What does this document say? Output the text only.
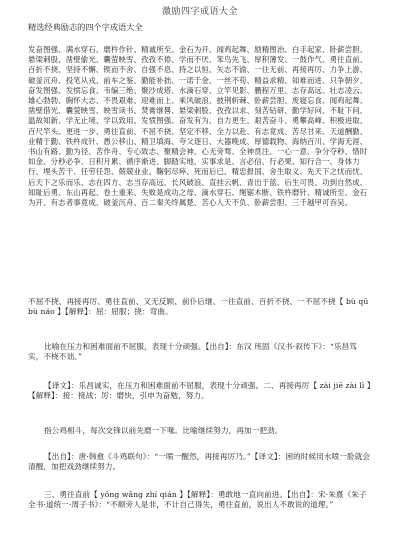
激励四字成语大全
精选经典励志的四个字成语大全
发奋图强、满水穿石、磨杵作针、精诚所至、金石为开、闻鸡起舞、励精图治、白手起家、卧薪尝胆、悬梁刺股、凿壁偷光、囊萤映雪、孜孜不倦、学而不厌、笨鸟先飞、厚积薄发、一鼓作气、勇往直前、百折不挠、坚持不懈、锲而不舍、自强不息、持之以恒、矢志不渝、一往无前、再接再厉、力争上游、破釜沉舟、投笔从戎、前车之鉴、勤能补拙、一诺千金、一丝不苟、精益求精、知难而进、只争朝夕、奋发图强、发愤忘食、韦编三绝、聚沙成塔、水滴石穿、立竿见影、鹏程万里、志存高远、壮志凌云、雄心勃勃、胸怀大志、不畏艰难、迎难而上、乘风破浪、披荆斩棘、卧薪尝胆、废寝忘食、闻鸡起舞、凿壁借光、囊萤映雪、映雪读书、焚膏继晷、悬梁刺股、孜孜以求、刻苦钻研、勤学好问、不耻下问、温故知新、学无止境、学以致用、发愤图强、奋发有为、自力更生、艰苦奋斗、勇攀高峰、积极进取、百尺竿头、更进一步、勇往直前、不屈不挠、坚定不移、全力以赴、有志竟成、苦尽甘来、天道酬勤、业精于勤、铁杵成针、愚公移山、精卫填海、夸父逐日、大器晚成、厚德载物、海纳百川、学海无涯、书山有路、勤为径、苦作舟、专心致志、聚精会神、心无旁骛、全神贯注、一心一意、争分夺秒、惜时如金、分秒必争、日积月累、循序渐进、脚踏实地、实事求是、言必信、行必果、知行合一、身体力行、埋头苦干、任劳任怨、兢兢业业、鞠躬尽瘁、死而后已、精忠报国、舍生取义、先天下之忧而忧、后天下之乐而乐、志在四方、志当存高远、长风破浪、直挂云帆、青出于蓝、后生可畏、功到自然成、知耻后勇、东山再起、卷土重来、失败是成功之母、滴水穿石、绳锯木断、铁杵磨针、精诚所至、金石为开、有志者事竟成、破釜沉舟、百二秦关终属楚、苦心人天不负、卧薪尝胆、三千越甲可吞吴。
不屈不挠、再接再厉、勇往直前、又无反顾、前仆后继、一往直前、百折不挠、一不屈不挠【 bù qū bù náo 】【解释】：屈：屈服；挠：弯曲。
比喻在压力和困难面前不屈服，表现十分顽强。【出自】：东汉 班固《汉书·叙传下》：“乐昌笃实，不桡不诎。”
【译文】：乐昌诚实，在压力和困难面前不屈服，表现十分顽强。二、再接再厉【 zài jiē zài lì 】【解释】：接：接战；厉：磨快，引申为奋勉，努力。
指公鸡相斗，每次交锋以前先磨一下喙。比喻继续努力，再加一把劲。
【出自】：唐·韩愈《斗鸡联句》：“一喷一醒然，再接再厉乃。”【译文】：困的时候用水喷一脸就会清醒，加把戏劲继续努力。
三、勇往直前【 yǒng wǎng zhí qián 】【解释】：勇敢地一直向前进。【出自】：宋·朱熹《朱子全书·道统一·周子书》：“不顺旁人是非，不计自己得失，勇往直前，说出人不敢说的道理。”
